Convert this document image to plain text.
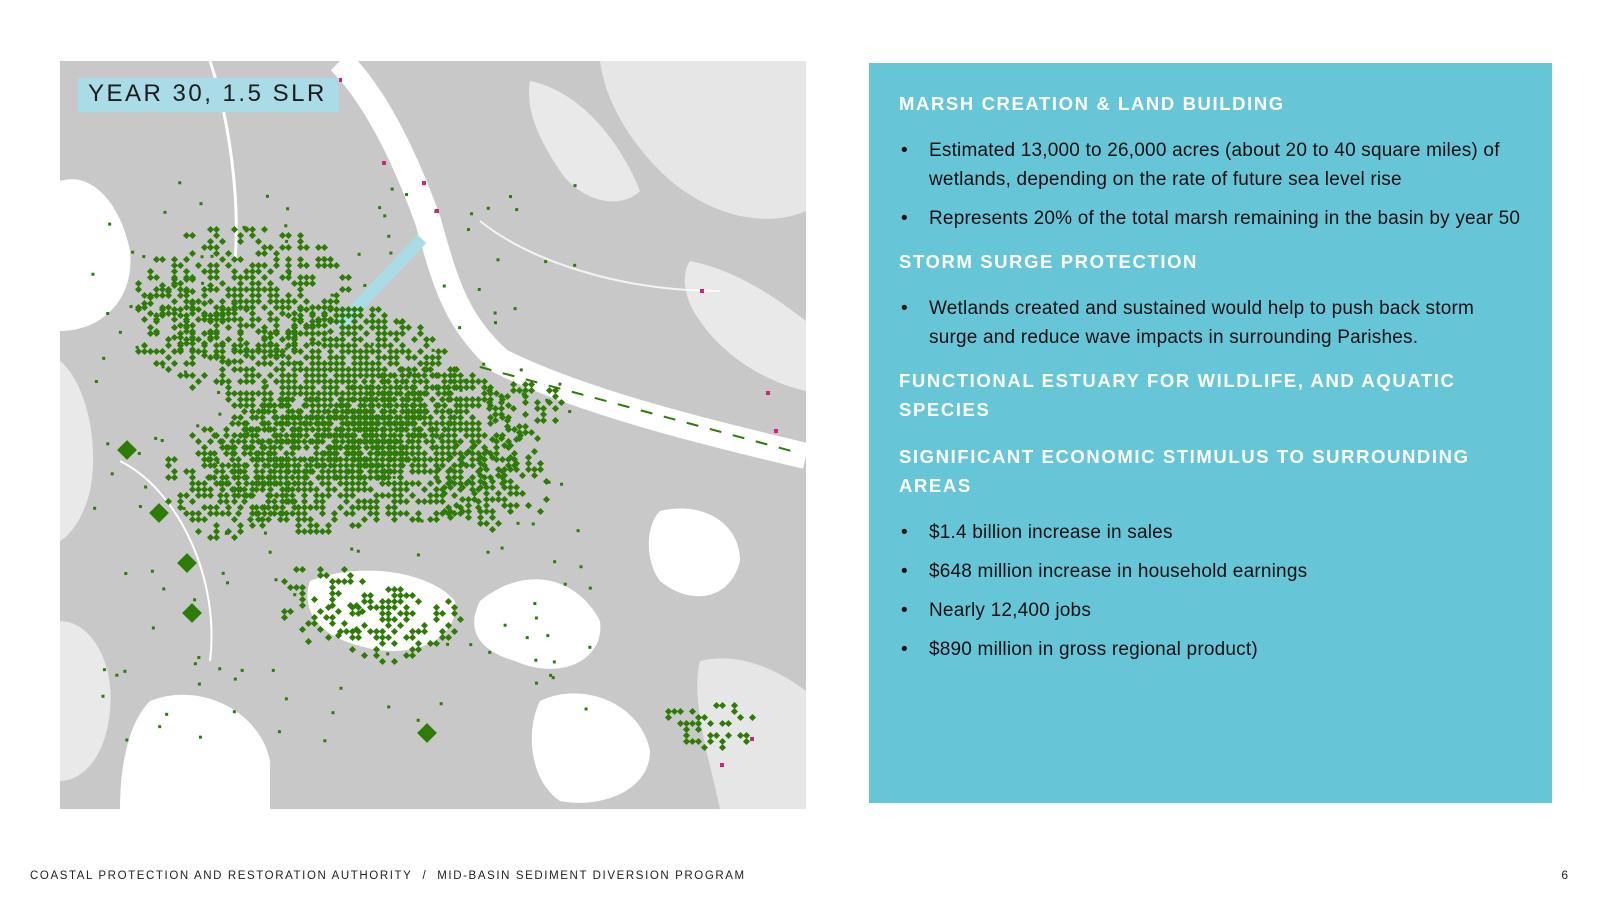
YEAR 30, 1.5 SLR	MARSH CREATION & LAND BUILDING
• Estimated 13,000 to 26,000 acres (about 20 to 40 square miles) of wetlands, depending on the rate of future sea level rise
• Represents 20% of the total marsh remaining in the basin by year 50
STORM SURGE PROTECTION
• Wetlands created and sustained would help to push back storm surge and reduce wave impacts in surrounding Parishes.
FUNCTIONAL ESTUARY FOR WILDLIFE, AND AQUATIC SPECIES
SIGNIFICANT ECONOMIC STIMULUS TO SURROUNDING AREAS
• $1.4 billion increase in sales
• $648 million increase in household earnings
• Nearly 12,400 jobs
• $890 million in gross regional product)
COASTAL PROTECTION AND RESTORATION AUTHORITY / MID-BASIN SEDIMENT DIVERSION PROGRAM	6
